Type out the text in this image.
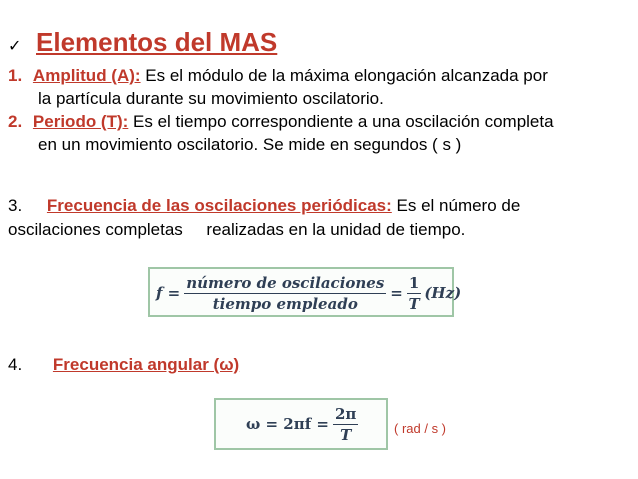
✓ Elementos del MAS
1. Amplitud (A): Es el módulo de la máxima elongación alcanzada por
la partícula durante su movimiento oscilatorio.
2. Periodo (T): Es el tiempo correspondiente a una oscilación completa
en un movimiento oscilatorio. Se mide en segundos ( s )
3. Frecuencia de las oscilaciones periódicas: Es el número de
oscilaciones completas     realizadas en la unidad de tiempo.
$f = \frac{\text{número de oscilaciones}}{\text{tiempo empleado}} = \frac{1}{T} (Hz)$
4. Frecuencia angular (ω)
$\omega = 2\pi f = \frac{2\pi}{T}$	( rad / s )
